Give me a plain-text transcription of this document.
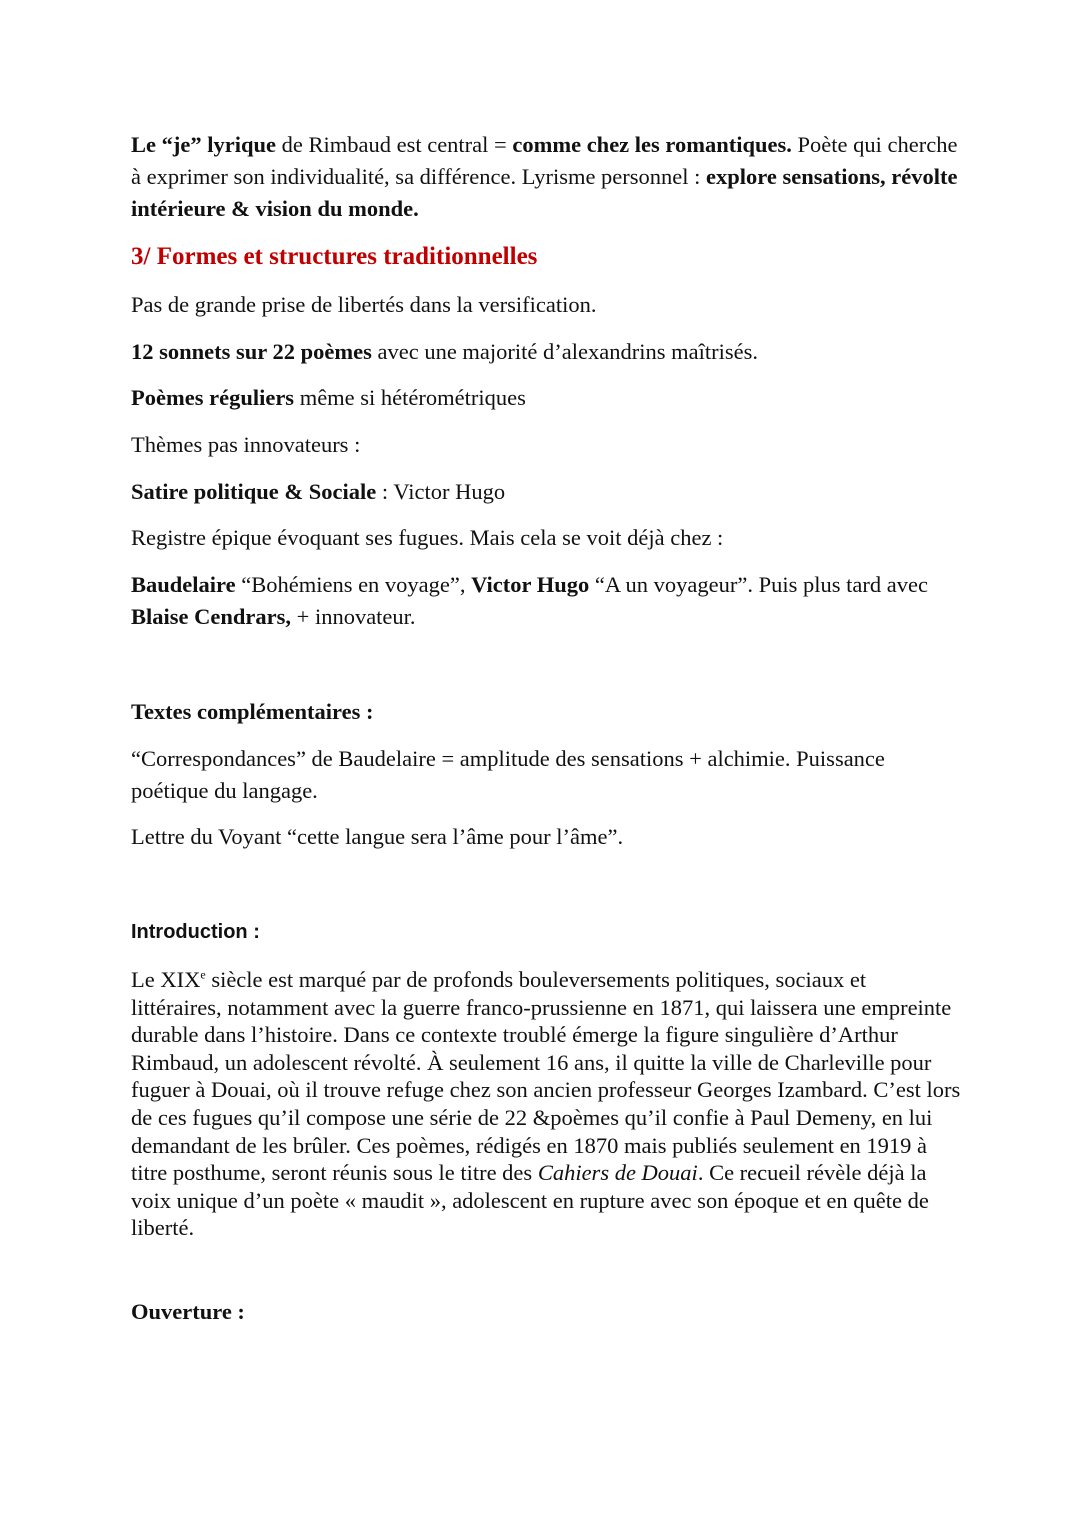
Le “je” lyrique de Rimbaud est central = comme chez les romantiques. Poète qui cherche à exprimer son individualité, sa différence. Lyrisme personnel : explore sensations, révolte intérieure & vision du monde.

3/ Formes et structures traditionnelles

Pas de grande prise de libertés dans la versification.

12 sonnets sur 22 poèmes avec une majorité d’alexandrins maîtrisés.

Poèmes réguliers même si hétérométriques

Thèmes pas innovateurs :

Satire politique & Sociale : Victor Hugo

Registre épique évoquant ses fugues. Mais cela se voit déjà chez :

Baudelaire “Bohémiens en voyage”, Victor Hugo “A un voyageur”. Puis plus tard avec Blaise Cendrars, + innovateur.

Textes complémentaires :

“Correspondances” de Baudelaire = amplitude des sensations + alchimie. Puissance poétique du langage.

Lettre du Voyant “cette langue sera l’âme pour l’âme”.

Introduction :

Le XIXe siècle est marqué par de profonds bouleversements politiques, sociaux et littéraires, notamment avec la guerre franco-prussienne en 1871, qui laissera une empreinte durable dans l’histoire. Dans ce contexte troublé émerge la figure singulière d’Arthur Rimbaud, un adolescent révolté. À seulement 16 ans, il quitte la ville de Charleville pour fuguer à Douai, où il trouve refuge chez son ancien professeur Georges Izambard. C’est lors de ces fugues qu’il compose une série de 22 &poèmes qu’il confie à Paul Demeny, en lui demandant de les brûler. Ces poèmes, rédigés en 1870 mais publiés seulement en 1919 à titre posthume, seront réunis sous le titre des Cahiers de Douai. Ce recueil révèle déjà la voix unique d’un poète « maudit », adolescent en rupture avec son époque et en quête de liberté.

Ouverture :
